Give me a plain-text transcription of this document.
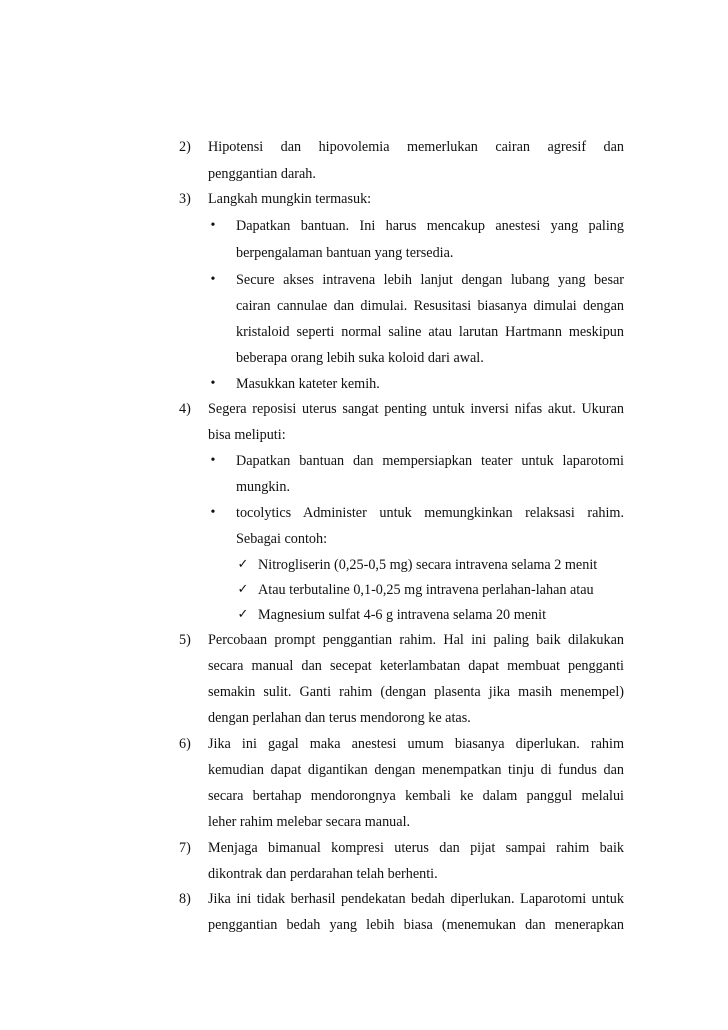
2) Hipotensi dan hipovolemia memerlukan cairan agresif dan
penggantian darah.
3) Langkah mungkin termasuk:
• Dapatkan bantuan. Ini harus mencakup anestesi yang paling
berpengalaman bantuan yang tersedia.
• Secure akses intravena lebih lanjut dengan lubang yang besar
cairan cannulae dan dimulai. Resusitasi biasanya dimulai dengan
kristaloid seperti normal saline atau larutan Hartmann meskipun
beberapa orang lebih suka koloid dari awal.
• Masukkan kateter kemih.
4) Segera reposisi uterus sangat penting untuk inversi nifas akut. Ukuran
bisa meliputi:
• Dapatkan bantuan dan mempersiapkan teater untuk laparotomi
mungkin.
• tocolytics Administer untuk memungkinkan relaksasi rahim.
Sebagai contoh:
✓ Nitrogliserin (0,25-0,5 mg) secara intravena selama 2 menit
✓ Atau terbutaline 0,1-0,25 mg intravena perlahan-lahan atau
✓ Magnesium sulfat 4-6 g intravena selama 20 menit
5) Percobaan prompt penggantian rahim. Hal ini paling baik dilakukan
secara manual dan secepat keterlambatan dapat membuat pengganti
semakin sulit. Ganti rahim (dengan plasenta jika masih menempel)
dengan perlahan dan terus mendorong ke atas.
6) Jika ini gagal maka anestesi umum biasanya diperlukan. rahim
kemudian dapat digantikan dengan menempatkan tinju di fundus dan
secara bertahap mendorongnya kembali ke dalam panggul melalui
leher rahim melebar secara manual.
7) Menjaga bimanual kompresi uterus dan pijat sampai rahim baik
dikontrak dan perdarahan telah berhenti.
8) Jika ini tidak berhasil pendekatan bedah diperlukan. Laparotomi untuk
penggantian bedah yang lebih biasa (menemukan dan menerapkan
